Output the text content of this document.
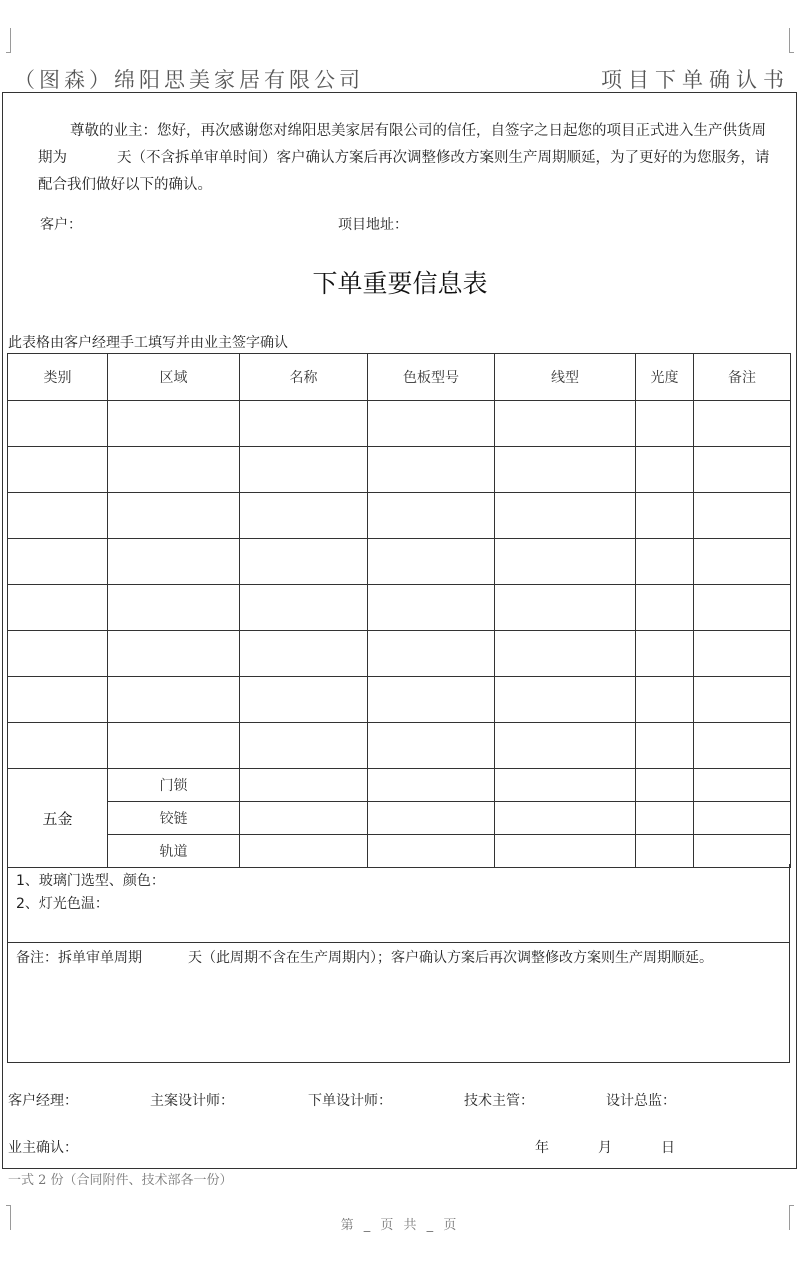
（图森）绵阳思美家居有限公司	项目下单确认书
尊敬的业主：您好，再次感谢您对绵阳思美家居有限公司的信任，自签字之日起您的项目正式进入生产供货周期为	天（不含拆单审单时间）客户确认方案后再次调整修改方案则生产周期顺延，为了更好的为您服务，请配合我们做好以下的确认。
客户：	项目地址：
下单重要信息表
此表格由客户经理手工填写并由业主签字确认
类别	区域	名称	色板型号	线型	光度	备注

五金	门锁					
	铰链					
	轨道					
1、玻璃门选型、颜色：
2、灯光色温：
备注：拆单审单周期	天（此周期不含在生产周期内）；客户确认方案后再次调整修改方案则生产周期顺延。
客户经理：	主案设计师：	下单设计师：	技术主管：	设计总监：
业主确认：	年	月	日
一式 2 份（合同附件、技术部各一份）
第 _ 页 共 _ 页
